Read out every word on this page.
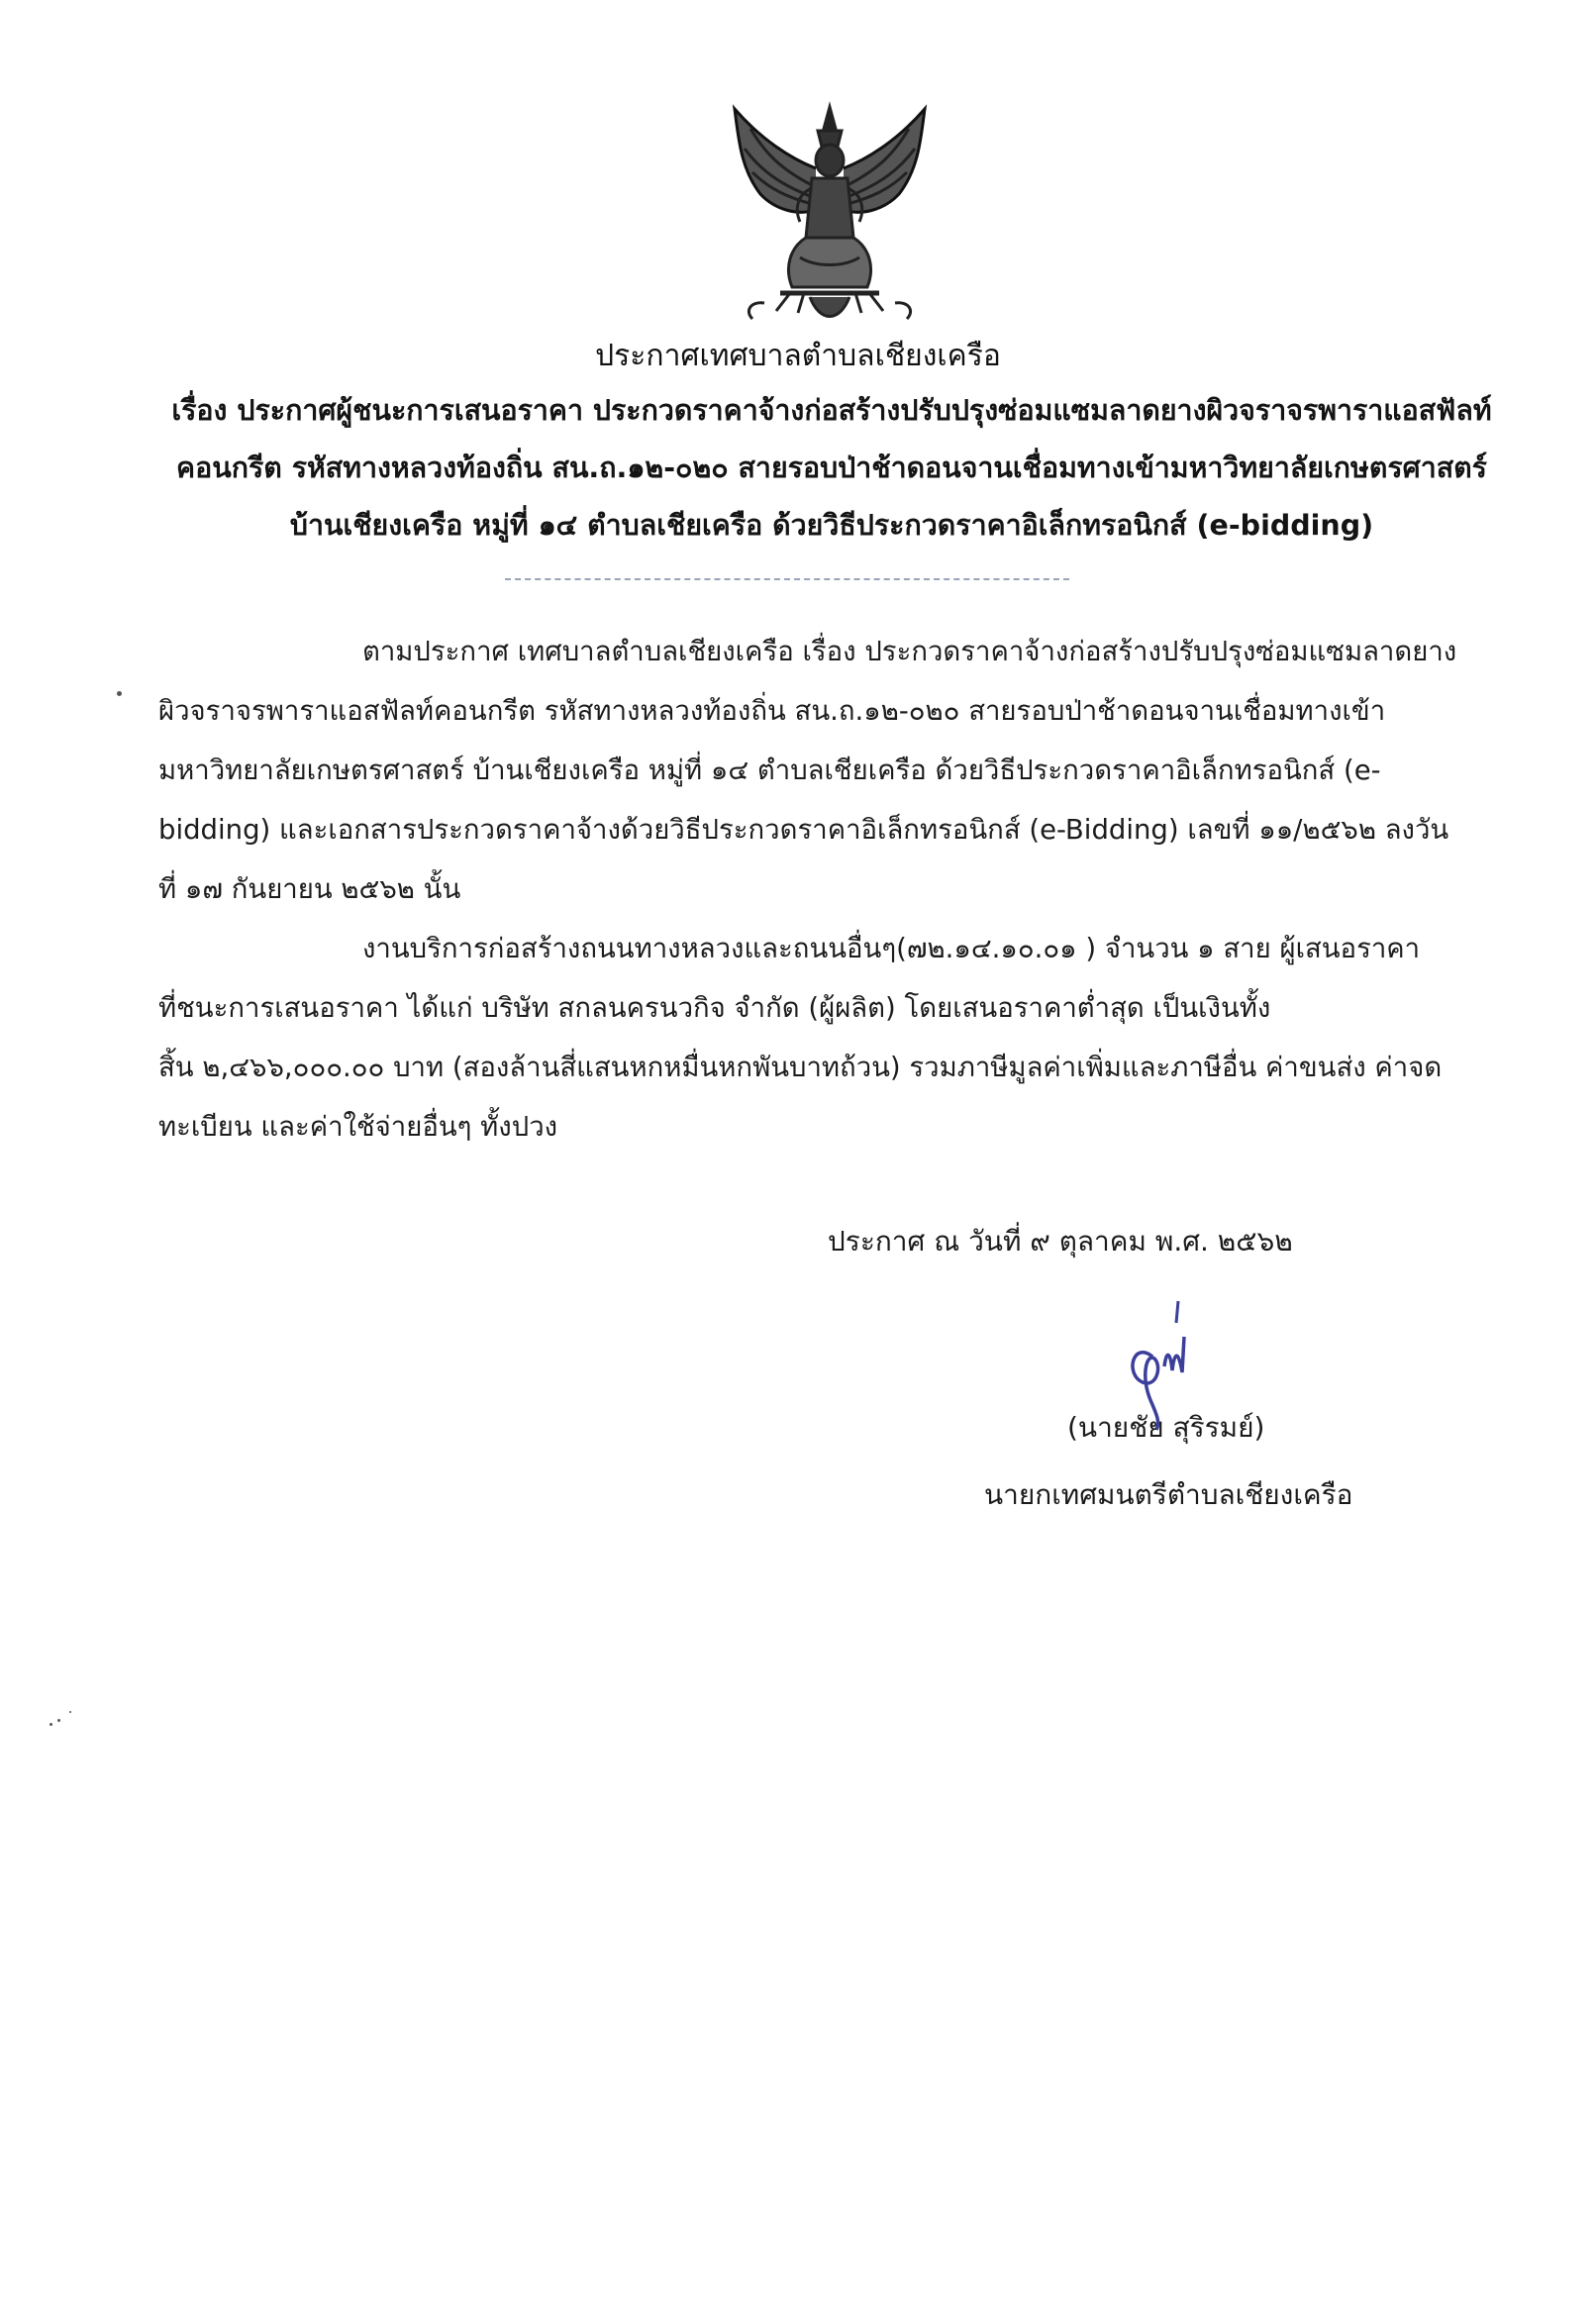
ประกาศเทศบาลตำบลเชียงเครือ
เรื่อง ประกาศผู้ชนะการเสนอราคา ประกวดราคาจ้างก่อสร้างปรับปรุงซ่อมแซมลาดยางผิวจราจรพาราแอสฟัลท์
คอนกรีต รหัสทางหลวงท้องถิ่น สน.ถ.๑๒-๐๒๐ สายรอบป่าช้าดอนจานเชื่อมทางเข้ามหาวิทยาลัยเกษตรศาสตร์
บ้านเชียงเครือ หมู่ที่ ๑๔ ตำบลเชียเครือ ด้วยวิธีประกวดราคาอิเล็กทรอนิกส์ (e-bidding)
ตามประกาศ เทศบาลตำบลเชียงเครือ เรื่อง ประกวดราคาจ้างก่อสร้างปรับปรุงซ่อมแซมลาดยาง
ผิวจราจรพาราแอสฟัลท์คอนกรีต รหัสทางหลวงท้องถิ่น สน.ถ.๑๒-๐๒๐ สายรอบป่าช้าดอนจานเชื่อมทางเข้า
มหาวิทยาลัยเกษตรศาสตร์ บ้านเชียงเครือ หมู่ที่ ๑๔ ตำบลเชียเครือ ด้วยวิธีประกวดราคาอิเล็กทรอนิกส์ (e-
bidding) และเอกสารประกวดราคาจ้างด้วยวิธีประกวดราคาอิเล็กทรอนิกส์ (e-Bidding) เลขที่ ๑๑/๒๕๖๒ ลงวัน
ที่ ๑๗ กันยายน ๒๕๖๒ นั้น
งานบริการก่อสร้างถนนทางหลวงและถนนอื่นๆ(๗๒.๑๔.๑๐.๐๑ ) จำนวน ๑ สาย ผู้เสนอราคา
ที่ชนะการเสนอราคา ได้แก่ บริษัท สกลนครนวกิจ จำกัด (ผู้ผลิต) โดยเสนอราคาต่ำสุด เป็นเงินทั้ง
สิ้น ๒,๔๖๖,๐๐๐.๐๐ บาท (สองล้านสี่แสนหกหมื่นหกพันบาทถ้วน) รวมภาษีมูลค่าเพิ่มและภาษีอื่น ค่าขนส่ง ค่าจด
ทะเบียน และค่าใช้จ่ายอื่นๆ ทั้งปวง
ประกาศ ณ วันที่ ๙ ตุลาคม พ.ศ. ๒๕๖๒
(นายชัย สุริรมย์)
นายกเทศมนตรีตำบลเชียงเครือ
